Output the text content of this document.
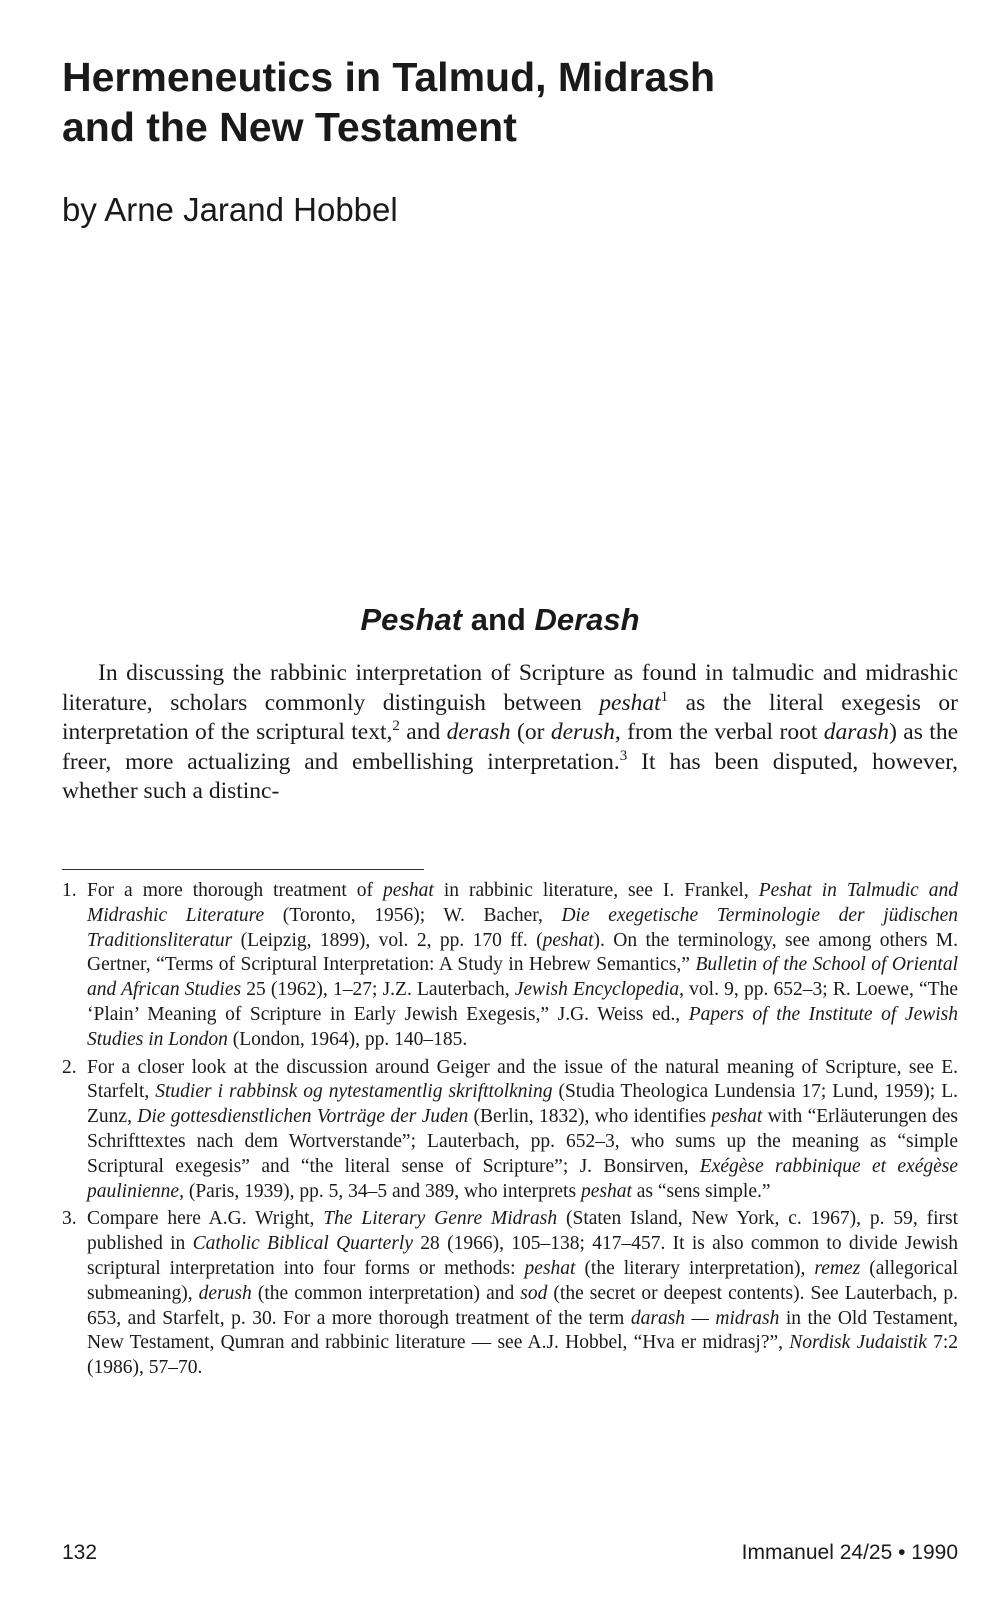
Hermeneutics in Talmud, Midrash
and the New Testament

by Arne Jarand Hobbel

Peshat and Derash

In discussing the rabbinic interpretation of Scripture as found in talmudic and midrashic literature, scholars commonly distinguish between peshat$^1$ as the literal exegesis or interpretation of the scriptural text,$^2$ and derash (or derush, from the verbal root darash) as the freer, more actualizing and embellishing interpretation.$^3$ It has been disputed, however, whether such a distinc-

1. For a more thorough treatment of peshat in rabbinic literature, see I. Frankel, Peshat in Talmudic and Midrashic Literature (Toronto, 1956); W. Bacher, Die exegetische Terminologie der jüdischen Traditionsliteratur (Leipzig, 1899), vol. 2, pp. 170 ff. (peshat). On the terminology, see among others M. Gertner, “Terms of Scriptural Interpretation: A Study in Hebrew Semantics,” Bulletin of the School of Oriental and African Studies 25 (1962), 1–27; J.Z. Lauterbach, Jewish Encyclopedia, vol. 9, pp. 652–3; R. Loewe, “The ‘Plain’ Meaning of Scripture in Early Jewish Exegesis,” J.G. Weiss ed., Papers of the Institute of Jewish Studies in London (London, 1964), pp. 140–185.
2. For a closer look at the discussion around Geiger and the issue of the natural meaning of Scripture, see E. Starfelt, Studier i rabbinsk og nytestamentlig skrifttolkning (Studia Theologica Lundensia 17; Lund, 1959); L. Zunz, Die gottesdienstlichen Vorträge der Juden (Berlin, 1832), who identifies peshat with “Erläuterungen des Schrifttextes nach dem Wortverstande”; Lauterbach, pp. 652–3, who sums up the meaning as “simple Scriptural exegesis” and “the literal sense of Scripture”; J. Bonsirven, Exégèse rabbinique et exégèse paulinienne, (Paris, 1939), pp. 5, 34–5 and 389, who interprets peshat as “sens simple.”
3. Compare here A.G. Wright, The Literary Genre Midrash (Staten Island, New York, c. 1967), p. 59, first published in Catholic Biblical Quarterly 28 (1966), 105–138; 417–457. It is also common to divide Jewish scriptural interpretation into four forms or methods: peshat (the literary interpretation), remez (allegorical submeaning), derush (the common interpretation) and sod (the secret or deepest contents). See Lauterbach, p. 653, and Starfelt, p. 30. For a more thorough treatment of the term darash — midrash in the Old Testament, New Testament, Qumran and rabbinic literature — see A.J. Hobbel, “Hva er midrasj?”, Nordisk Judaistik 7:2 (1986), 57–70.
132	Immanuel 24/25 • 1990
